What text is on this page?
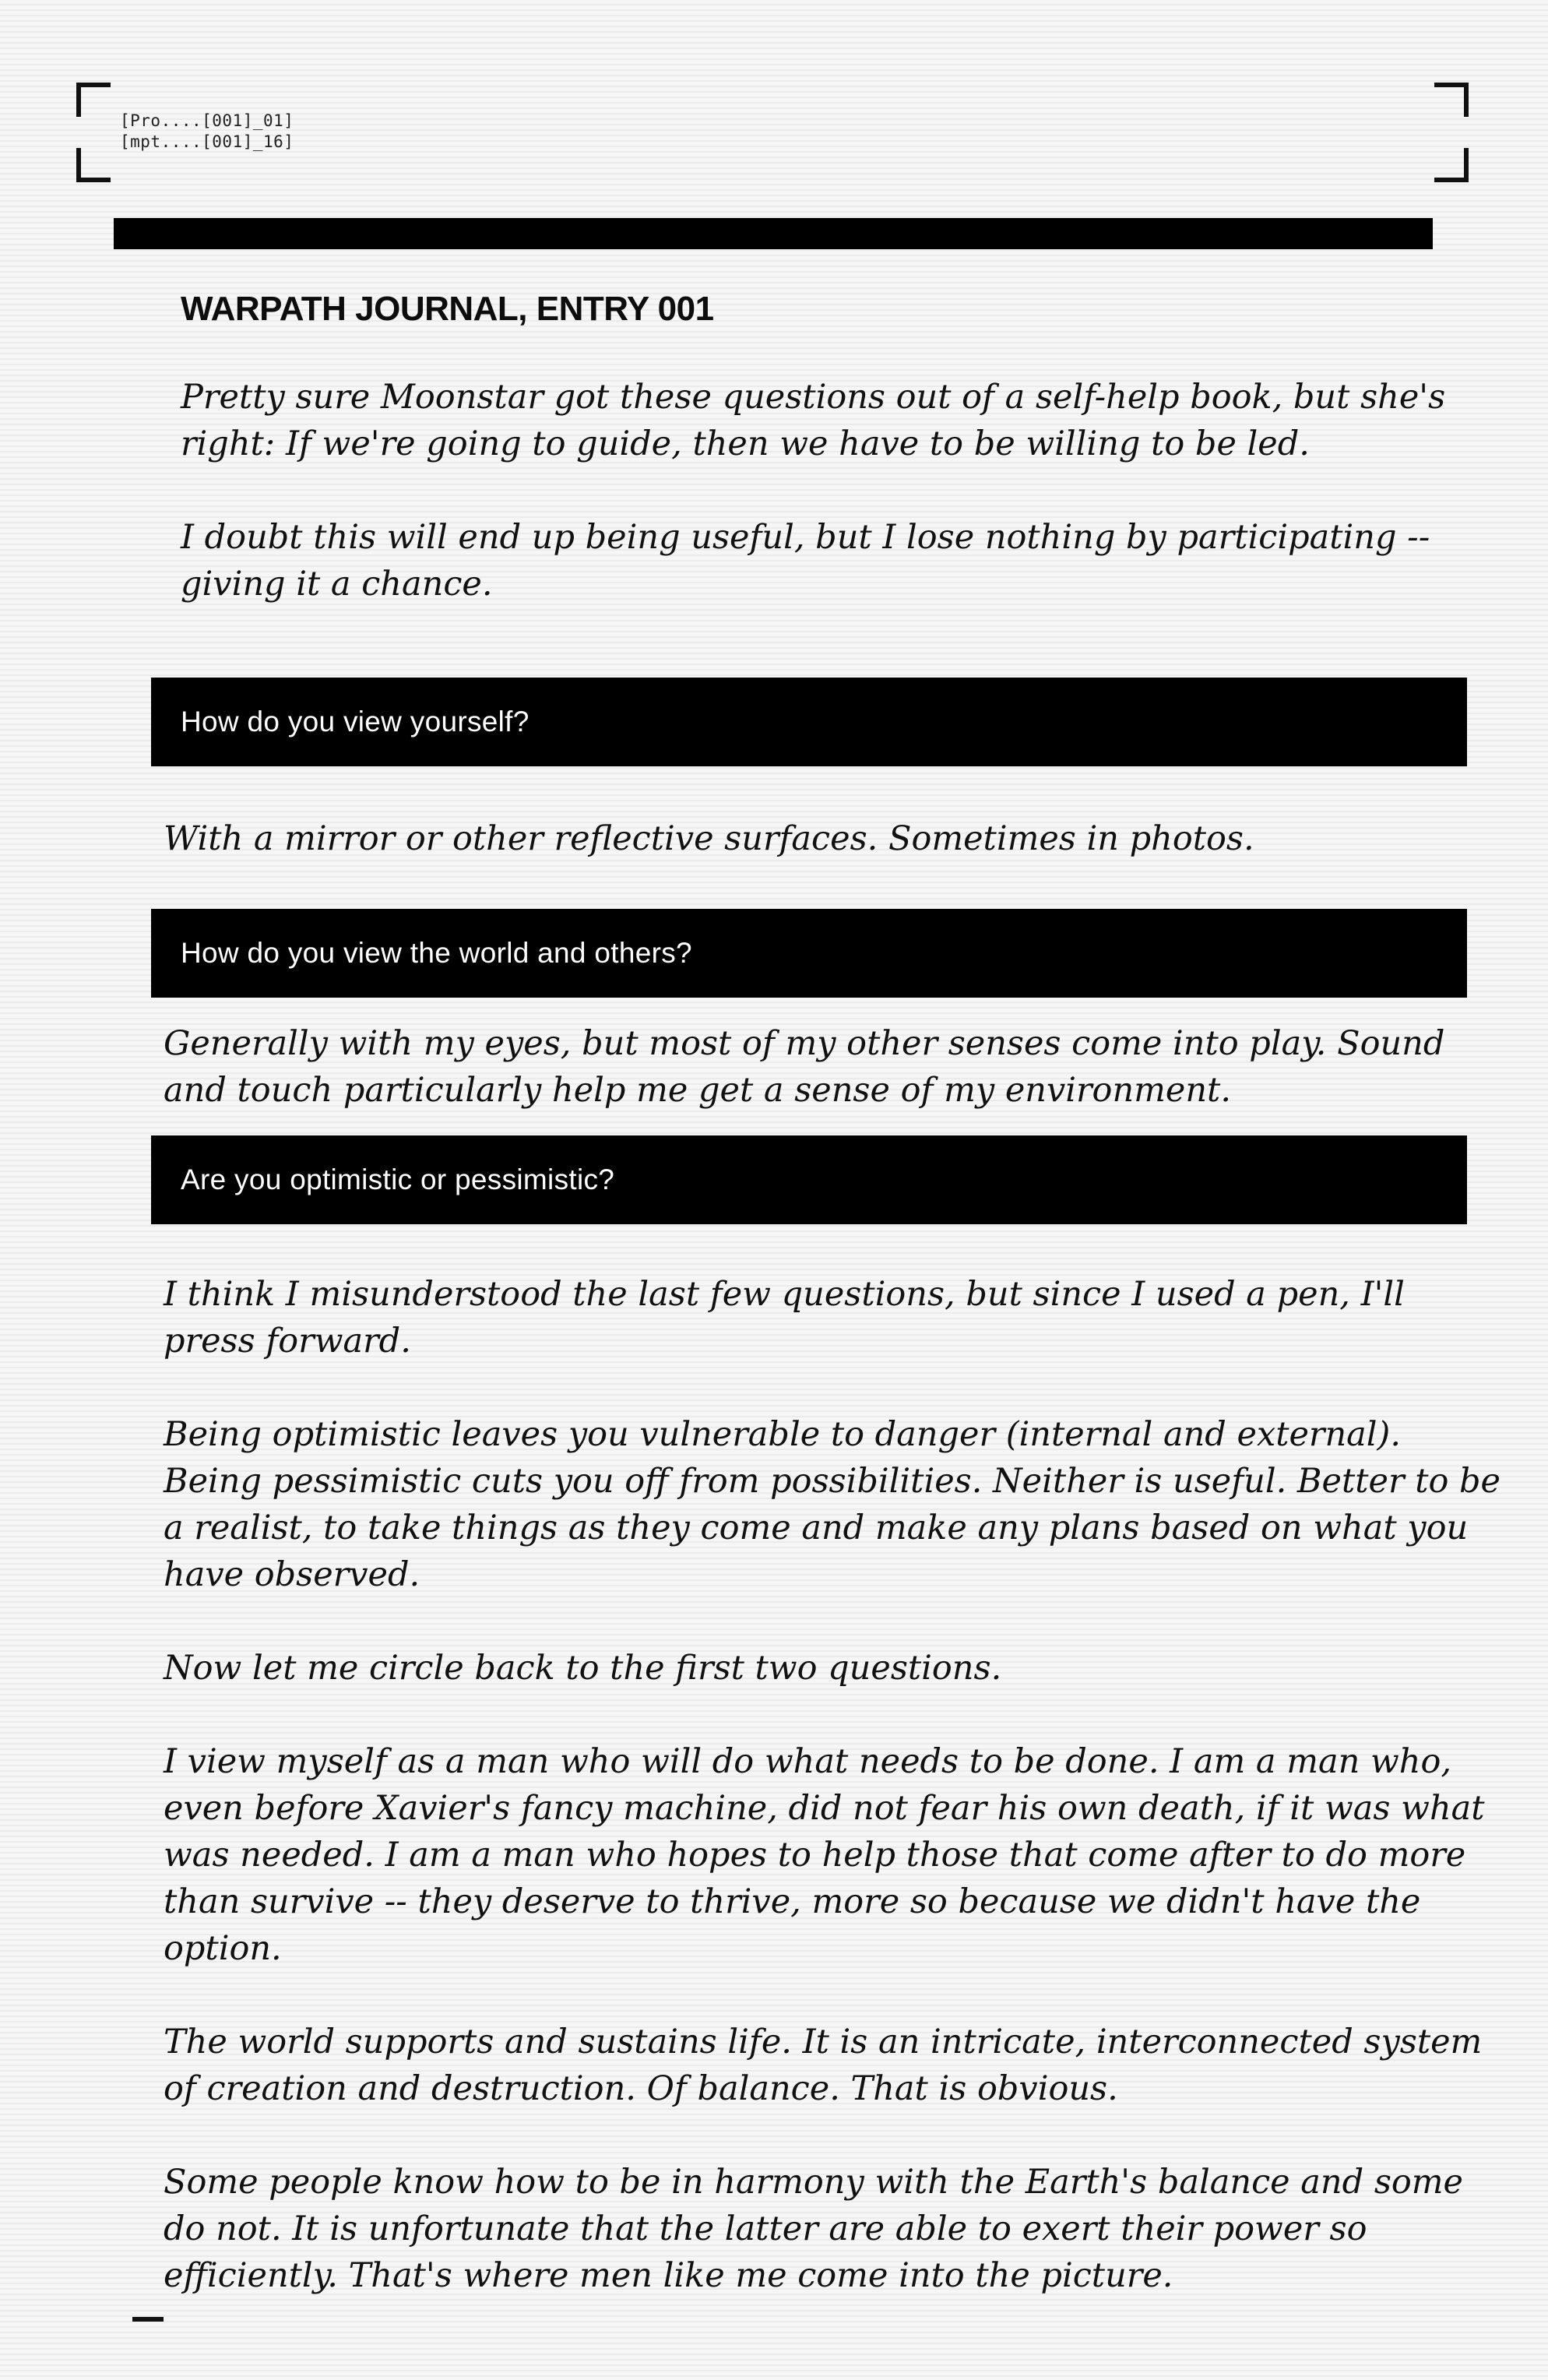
[Pro....[001]_01]
[mpt....[001]_16]
WARPATH JOURNAL, ENTRY 001

Pretty sure Moonstar got these questions out of a self-help book, but she's right: If we're going to guide, then we have to be willing to be led.

I doubt this will end up being useful, but I lose nothing by participating -- giving it a chance.

How do you view yourself?

With a mirror or other reflective surfaces. Sometimes in photos.

How do you view the world and others?

Generally with my eyes, but most of my other senses come into play. Sound and touch particularly help me get a sense of my environment.

Are you optimistic or pessimistic?

I think I misunderstood the last few questions, but since I used a pen, I'll press forward.

Being optimistic leaves you vulnerable to danger (internal and external). Being pessimistic cuts you off from possibilities. Neither is useful. Better to be a realist, to take things as they come and make any plans based on what you have observed.

Now let me circle back to the first two questions.

I view myself as a man who will do what needs to be done. I am a man who, even before Xavier's fancy machine, did not fear his own death, if it was what was needed. I am a man who hopes to help those that come after to do more than survive -- they deserve to thrive, more so because we didn't have the option.

The world supports and sustains life. It is an intricate, interconnected system of creation and destruction. Of balance. That is obvious.

Some people know how to be in harmony with the Earth's balance and some do not. It is unfortunate that the latter are able to exert their power so efficiently. That's where men like me come into the picture.
